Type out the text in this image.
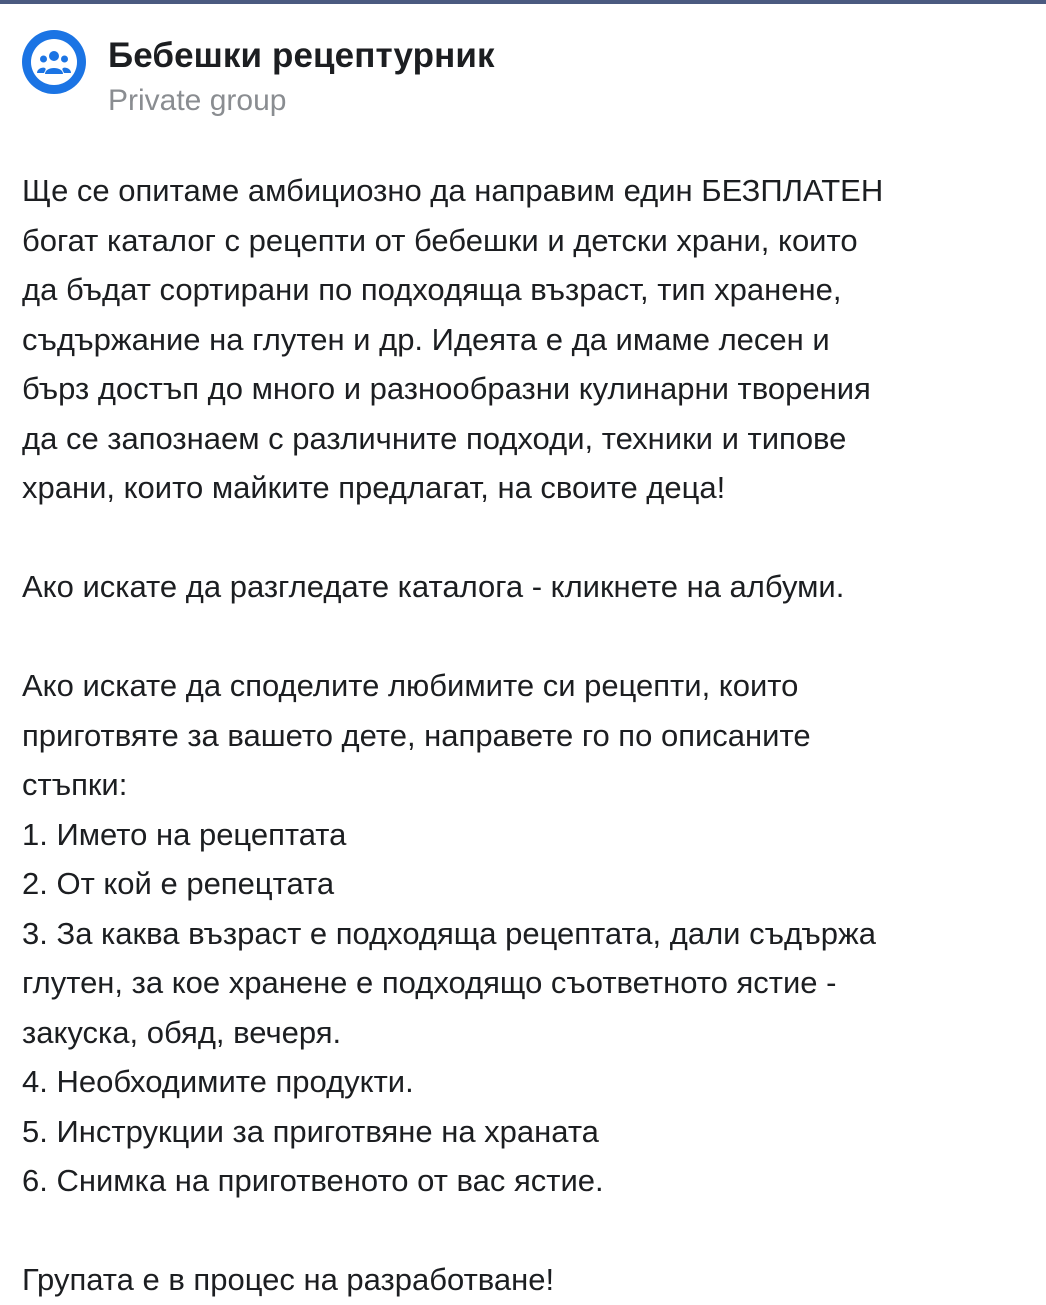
Бебешки рецептурник
Private group
Ще се опитаме амбициозно да направим един БЕЗПЛАТЕН
богат каталог с рецепти от бебешки и детски храни, които
да бъдат сортирани по подходяща възраст, тип хранене,
съдържание на глутен и др. Идеята е да имаме лесен и
бърз достъп до много и разнообразни кулинарни творения
да се запознаем с различните подходи, техники и типове
храни, които майките предлагат, на своите деца!
Ако искате да разгледате каталога - кликнете на албуми.
Ако искате да споделите любимите си рецепти, които
приготвяте за вашето дете, направете го по описаните
стъпки:
1. Името на рецептата
2. От кой е репецтата
3. За каква възраст е подходяща рецептата, дали съдържа
глутен, за кое хранене е подходящо съответното ястие -
закуска, обяд, вечеря.
4. Необходимите продукти.
5. Инструкции за приготвяне на храната
6. Снимка на приготвеното от вас ястие.
Групата е в процес на разработване!
